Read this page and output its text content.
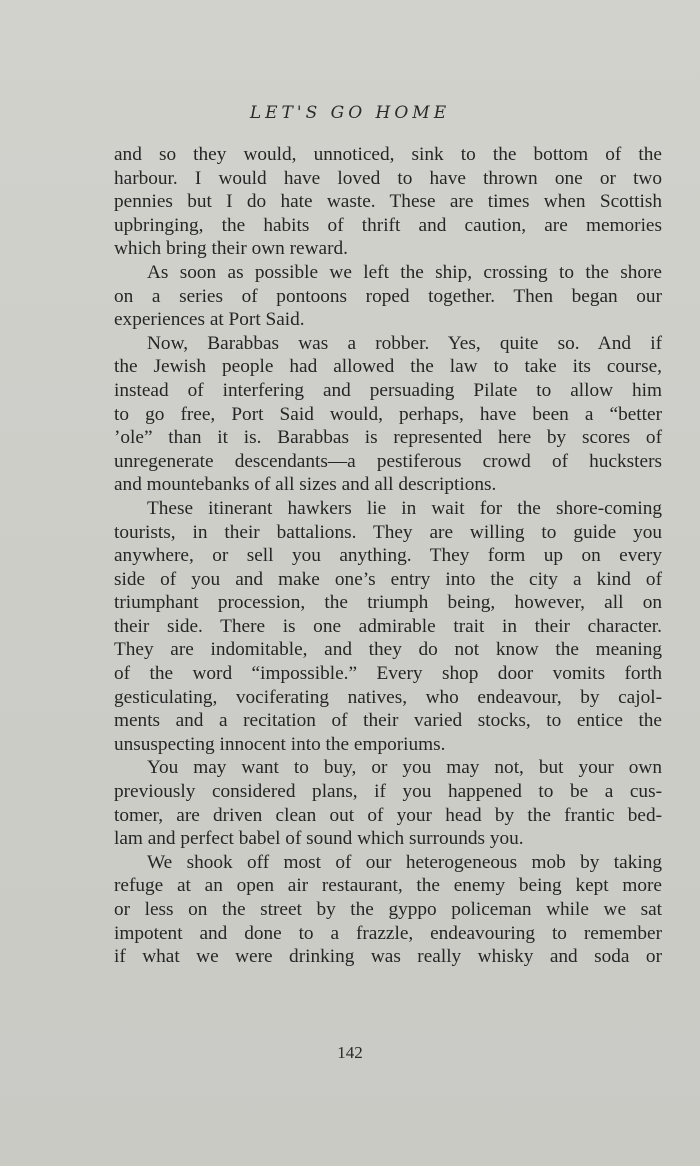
LET'S GO HOME
and so they would, unnoticed, sink to the bottom of the
harbour. I would have loved to have thrown one or two
pennies but I do hate waste. These are times when Scottish
upbringing, the habits of thrift and caution, are memories
which bring their own reward.
As soon as possible we left the ship, crossing to the shore
on a series of pontoons roped together. Then began our
experiences at Port Said.
Now, Barabbas was a robber. Yes, quite so. And if
the Jewish people had allowed the law to take its course,
instead of interfering and persuading Pilate to allow him
to go free, Port Said would, perhaps, have been a “better
’ole” than it is. Barabbas is represented here by scores of
unregenerate descendants—a pestiferous crowd of hucksters
and mountebanks of all sizes and all descriptions.
These itinerant hawkers lie in wait for the shore-coming
tourists, in their battalions. They are willing to guide you
anywhere, or sell you anything. They form up on every
side of you and make one’s entry into the city a kind of
triumphant procession, the triumph being, however, all on
their side. There is one admirable trait in their character.
They are indomitable, and they do not know the meaning
of the word “impossible.” Every shop door vomits forth
gesticulating, vociferating natives, who endeavour, by cajol-
ments and a recitation of their varied stocks, to entice the
unsuspecting innocent into the emporiums.
You may want to buy, or you may not, but your own
previously considered plans, if you happened to be a cus-
tomer, are driven clean out of your head by the frantic bed-
lam and perfect babel of sound which surrounds you.
We shook off most of our heterogeneous mob by taking
refuge at an open air restaurant, the enemy being kept more
or less on the street by the gyppo policeman while we sat
impotent and done to a frazzle, endeavouring to remember
if what we were drinking was really whisky and soda or
142
